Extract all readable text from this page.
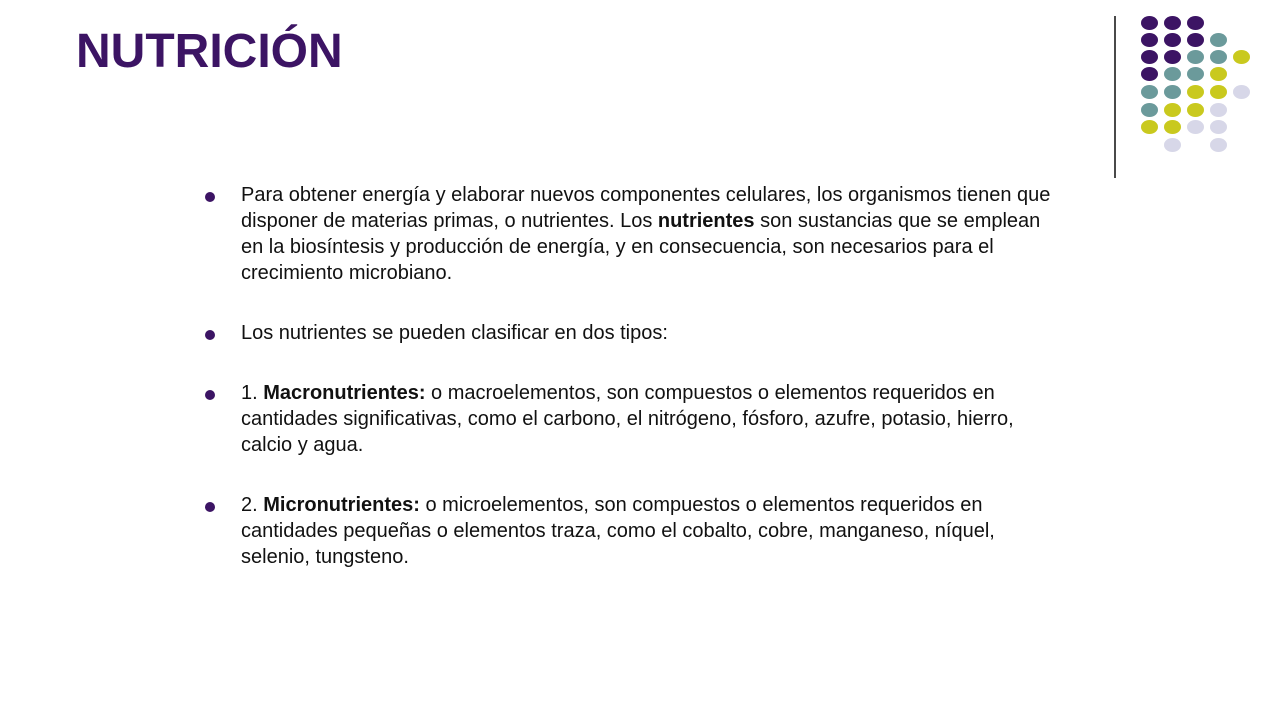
NUTRICIÓN
Para obtener energía y elaborar nuevos componentes celulares, los organismos tienen que disponer de materias primas, o nutrientes. Los nutrientes son sustancias que se emplean en la biosíntesis y producción de energía, y en consecuencia, son necesarios para el crecimiento microbiano.
Los nutrientes se pueden clasificar en dos tipos:
1. Macronutrientes: o macroelementos, son compuestos o elementos requeridos en cantidades significativas, como el carbono, el nitrógeno, fósforo, azufre, potasio, hierro, calcio y agua.
2. Micronutrientes: o microelementos, son compuestos o elementos requeridos en cantidades pequeñas o elementos traza, como el cobalto, cobre, manganeso, níquel, selenio, tungsteno.
